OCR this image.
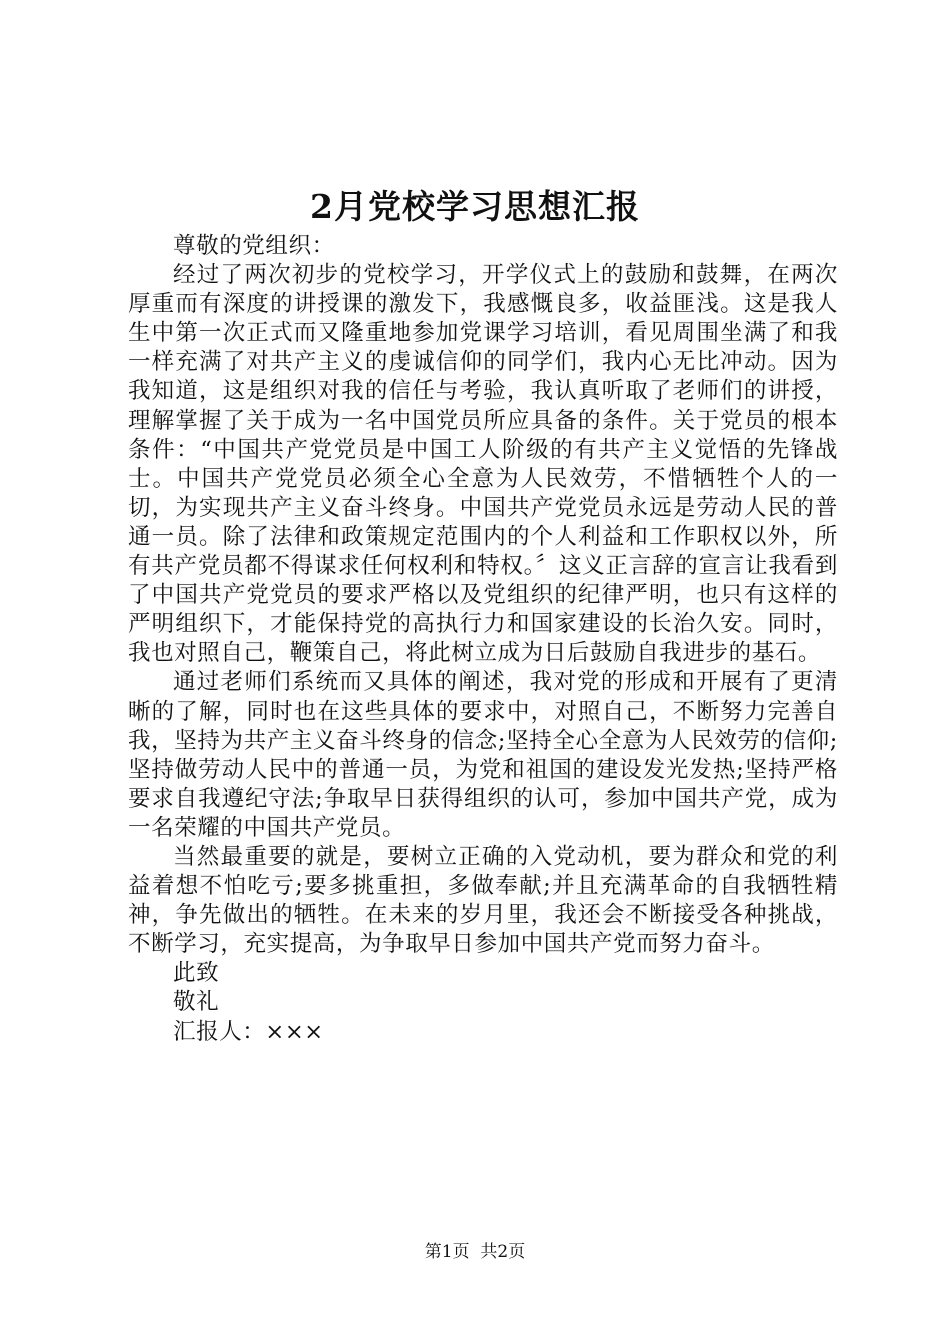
2月党校学习思想汇报

尊敬的党组织：

经过了两次初步的党校学习，开学仪式上的鼓励和鼓舞，在两次厚重而有深度的讲授课的激发下，我感慨良多，收益匪浅。这是我人生中第一次正式而又隆重地参加党课学习培训，看见周围坐满了和我一样充满了对共产主义的虔诚信仰的同学们，我内心无比冲动。因为我知道，这是组织对我的信任与考验，我认真听取了老师们的讲授，理解掌握了关于成为一名中国党员所应具备的条件。关于党员的根本条件：“中国共产党党员是中国工人阶级的有共产主义觉悟的先锋战士。中国共产党党员必须全心全意为人民效劳，不惜牺牲个人的一切，为实现共产主义奋斗终身。中国共产党党员永远是劳动人民的普通一员。除了法律和政策规定范围内的个人利益和工作职权以外，所有共产党员都不得谋求任何权利和特权。〞这义正言辞的宣言让我看到了中国共产党党员的要求严格以及党组织的纪律严明，也只有这样的严明组织下，才能保持党的高执行力和国家建设的长治久安。同时，我也对照自己，鞭策自己，将此树立成为日后鼓励自我进步的基石。

通过老师们系统而又具体的阐述，我对党的形成和开展有了更清晰的了解，同时也在这些具体的要求中，对照自己，不断努力完善自我，坚持为共产主义奋斗终身的信念;坚持全心全意为人民效劳的信仰;坚持做劳动人民中的普通一员，为党和祖国的建设发光发热;坚持严格要求自我遵纪守法;争取早日获得组织的认可，参加中国共产党，成为一名荣耀的中国共产党员。

当然最重要的就是，要树立正确的入党动机，要为群众和党的利益着想不怕吃亏;要多挑重担，多做奉献;并且充满革命的自我牺牲精神，争先做出的牺牲。在未来的岁月里，我还会不断接受各种挑战，不断学习，充实提高，为争取早日参加中国共产党而努力奋斗。

此致

敬礼

汇报人：×××

第1页 共2页
